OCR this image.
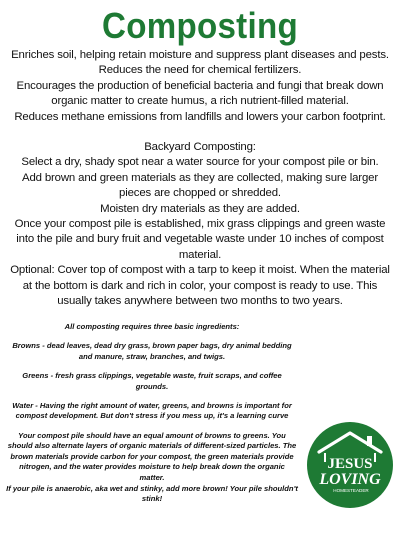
Composting

Enriches soil, helping retain moisture and suppress plant diseases and pests.

Reduces the need for chemical fertilizers.

Encourages the production of beneficial bacteria and fungi that break down organic matter to create humus, a rich nutrient-filled material.

Reduces methane emissions from landfills and lowers your carbon footprint.

Backyard Composting:

Select a dry, shady spot near a water source for your compost pile or bin.

Add brown and green materials as they are collected, making sure larger pieces are chopped or shredded.

Moisten dry materials as they are added.

Once your compost pile is established, mix grass clippings and green waste into the pile and bury fruit and vegetable waste under 10 inches of compost material.

Optional: Cover top of compost with a tarp to keep it moist. When the material at the bottom is dark and rich in color, your compost is ready to use. This usually takes anywhere between two months to two years.

All composting requires three basic ingredients:

Browns - dead leaves, dead dry grass, brown paper bags, dry animal bedding and manure, straw, branches, and twigs.

Greens - fresh grass clippings, vegetable waste, fruit scraps, and coffee grounds.

Water - Having the right amount of water, greens, and browns is important for compost development. But don't stress if you mess up, it's a learning curve

Your compost pile should have an equal amount of browns to greens. You should also alternate layers of organic materials of different-sized particles. The brown materials provide carbon for your compost, the green materials provide nitrogen, and the water provides moisture to help break down the organic matter.

If your pile is anaerobic, aka wet and stinky, add more brown! Your pile shouldn't stink!

JESUS
LOVING
HOMESTEADER
